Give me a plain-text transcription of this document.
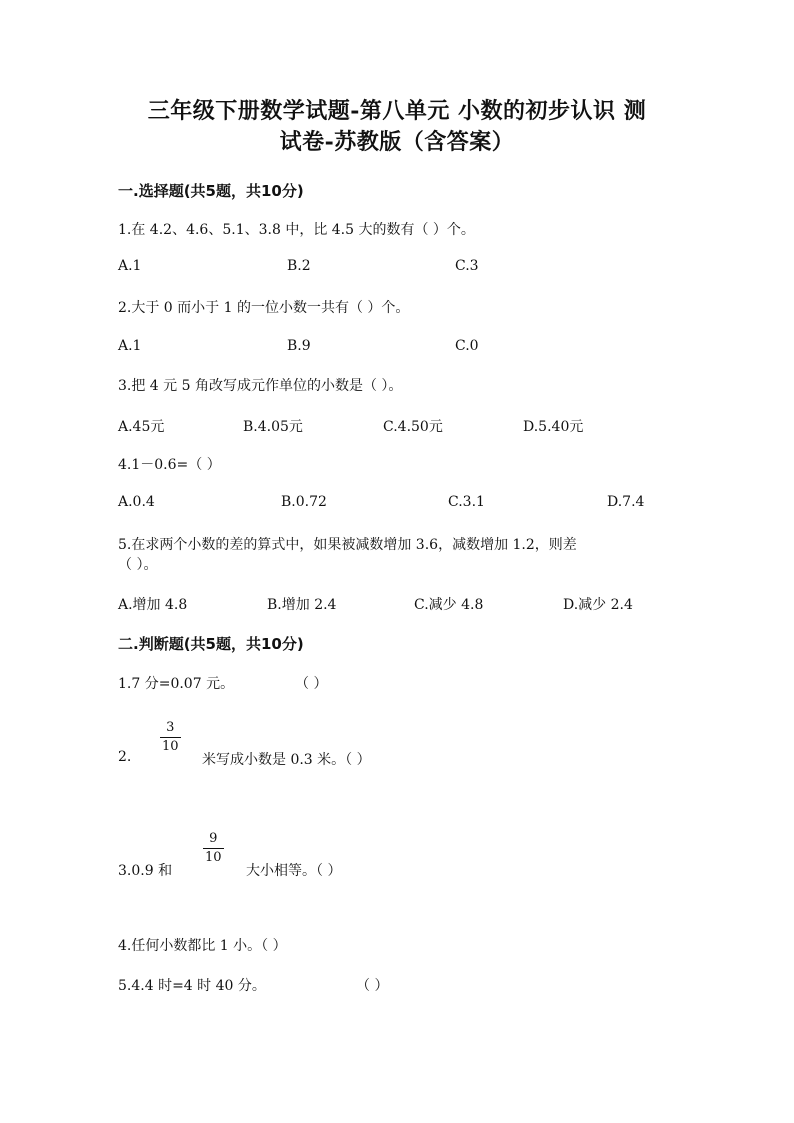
三年级下册数学试题-第八单元 小数的初步认识 测
试卷-苏教版（含答案）
一.选择题(共5题，共10分)
1.在 4.2、4.6、5.1、3.8 中，比 4.5 大的数有（ ）个。
A.1	B.2	C.3
2.大于 0 而小于 1 的一位小数一共有（ ）个。
A.1	B.9	C.0
3.把 4 元 5 角改写成元作单位的小数是（ ）。
A.45元	B.4.05元	C.4.50元	D.5.40元
4.1－0.6=（ ）
A.0.4	B.0.72	C.3.1	D.7.4
5.在求两个小数的差的算式中，如果被减数增加 3.6，减数增加 1.2，则差
（ ）。
A.增加 4.8	B.增加 2.4	C.减少 4.8	D.减少 2.4
二.判断题(共5题，共10分)
1.7 分=0.07 元。	（ ）
3
10
2.	米写成小数是 0.3 米。（ ）
9
10
3.0.9 和	大小相等。（ ）
4.任何小数都比 1 小。（ ）
5.4.4 时=4 时 40 分。	（ ）
